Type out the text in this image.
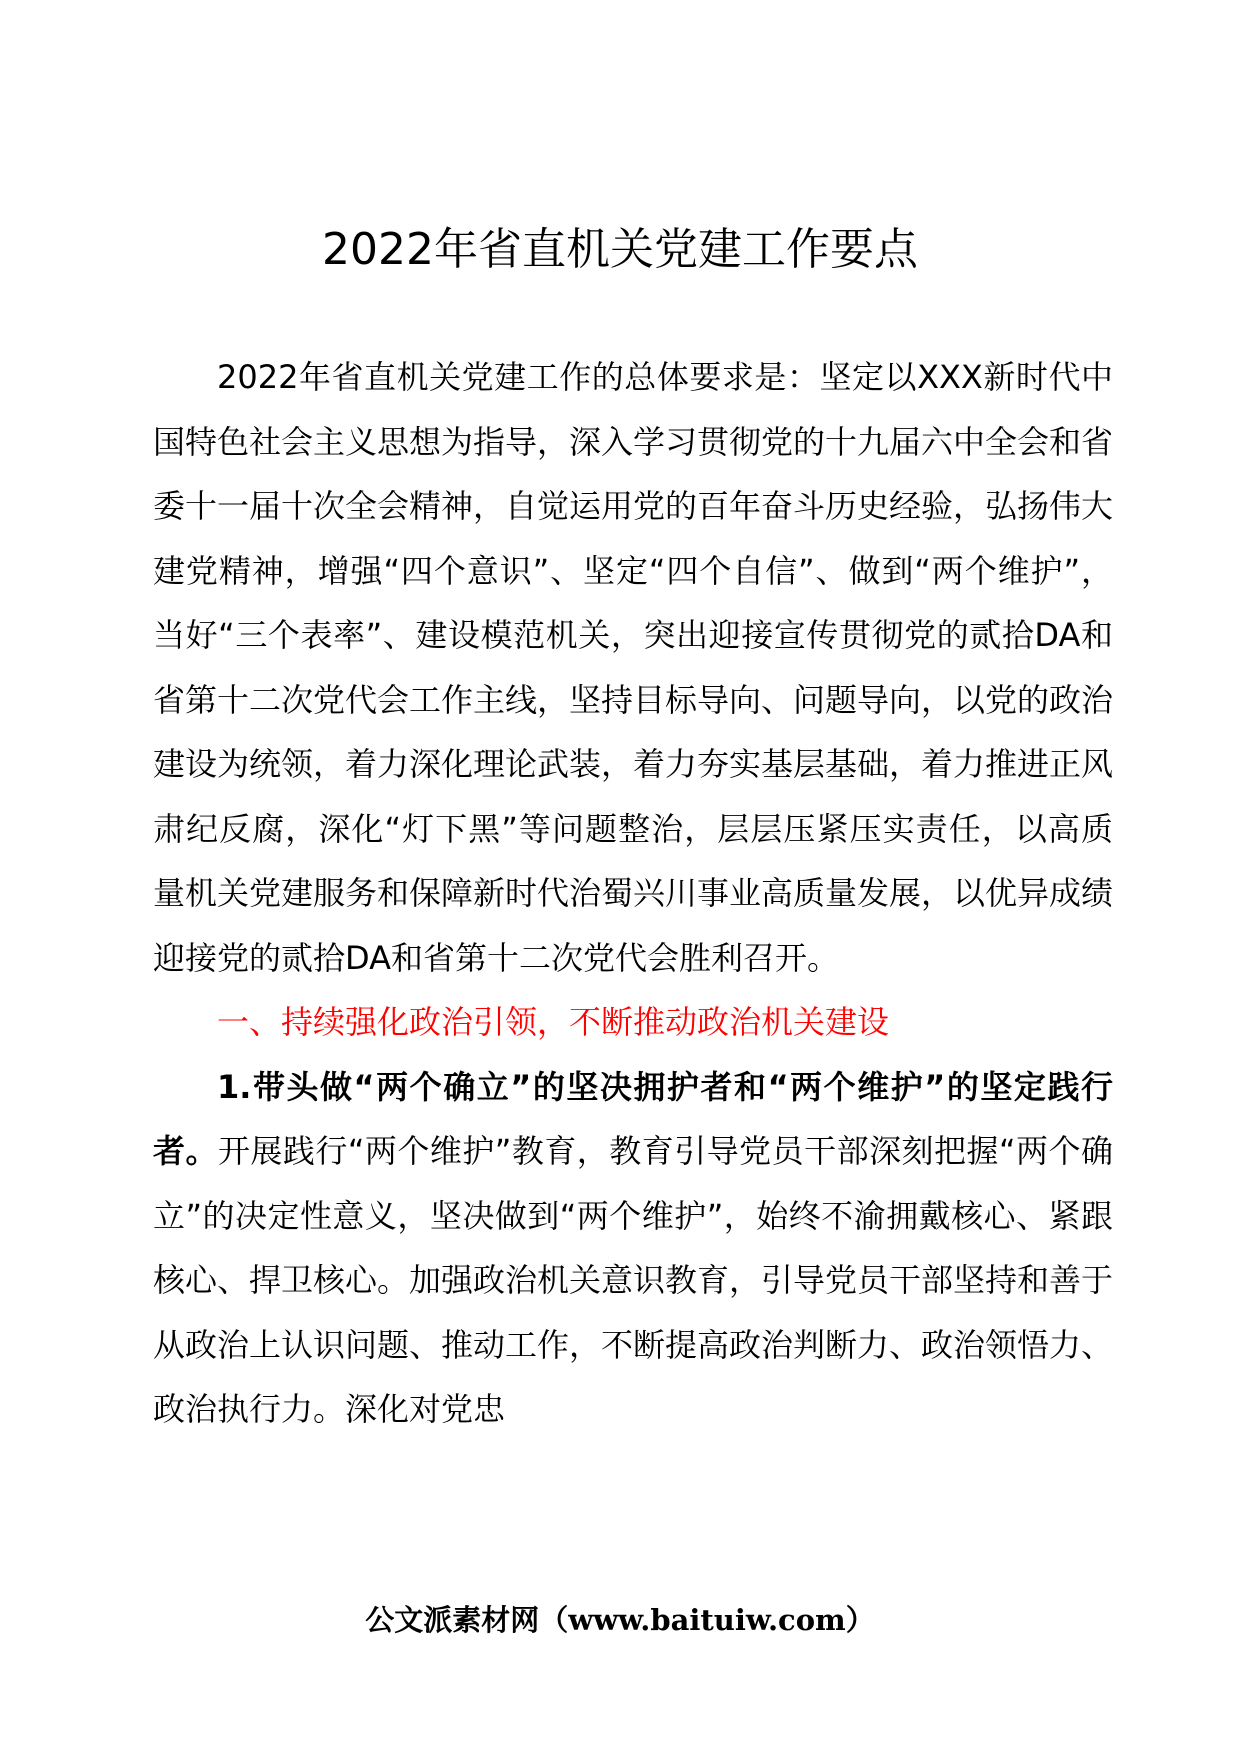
2022年省直机关党建工作要点

2022年省直机关党建工作的总体要求是：坚定以XXX新时代中国特色社会主义思想为指导，深入学习贯彻党的十九届六中全会和省委十一届十次全会精神，自觉运用党的百年奋斗历史经验，弘扬伟大建党精神，增强“四个意识”、坚定“四个自信”、做到“两个维护”，当好“三个表率”、建设模范机关，突出迎接宣传贯彻党的贰拾DA和省第十二次党代会工作主线，坚持目标导向、问题导向，以党的政治建设为统领，着力深化理论武装，着力夯实基层基础，着力推进正风肃纪反腐，深化“灯下黑”等问题整治，层层压紧压实责任，以高质量机关党建服务和保障新时代治蜀兴川事业高质量发展，以优异成绩迎接党的贰拾DA和省第十二次党代会胜利召开。

一、持续强化政治引领，不断推动政治机关建设

1.带头做“两个确立”的坚决拥护者和“两个维护”的坚定践行者。开展践行“两个维护”教育，教育引导党员干部深刻把握“两个确立”的决定性意义，坚决做到“两个维护”，始终不渝拥戴核心、紧跟核心、捍卫核心。加强政治机关意识教育，引导党员干部坚持和善于从政治上认识问题、推动工作，不断提高政治判断力、政治领悟力、政治执行力。深化对党忠

公文派素材网（www.baituiw.com）
